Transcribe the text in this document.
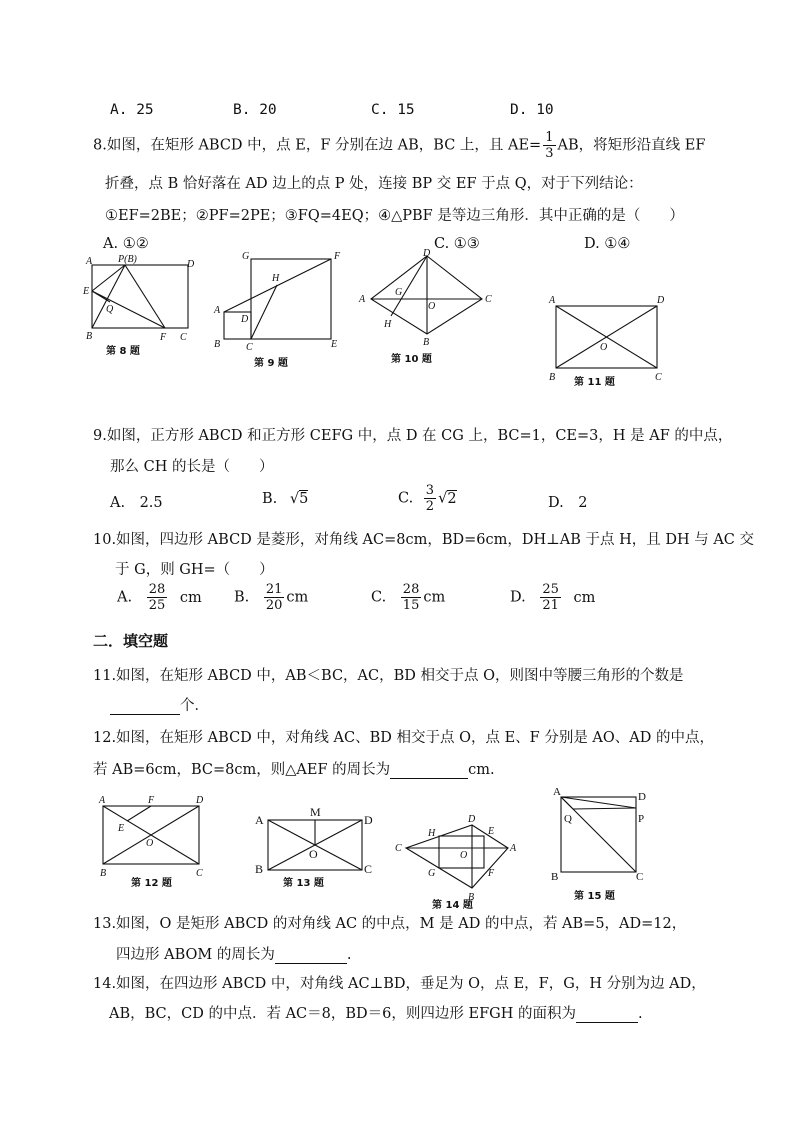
A. 25	B. 20	C. 15	D. 10
8.如图，在矩形 ABCD 中，点 E，F 分别在边 AB，BC 上，且 $AE= \frac{1}{3}$ AB，将矩形沿直线 EF
折叠，点 B 恰好落在 AD 边上的点 P 处，连接 BP 交 EF 于点 Q，对于下列结论：
①EF=2BE；②PF=2PE；③FQ=4EQ；④△PBF 是等边三角形．其中正确的是（　　）
A. ①②	C. ①③	D. ①④
A	P(B)	D
E
Q
B	F C
第 8 题
G	F
H
A
D
B	C	E
第 9 题
D
A
G
O
C
H
B
第 10 题
A	D
O
B	C
第 11 题
9.如图，正方形 ABCD 和正方形 CEFG 中，点 D 在 CG 上，BC=1，CE=3，H 是 AF 的中点，
那么 CH 的长是（　　）
A.　2.5	B. √5	C. $\frac{3}{2} √2$	D.　2
10.如图，四边形 ABCD 是菱形，对角线 AC=8cm，BD=6cm，DH⊥AB 于点 H，且 DH 与 AC 交
于 G，则 GH=（　　）
A. $\frac{28}{25}$ cm B. $\frac{21}{20}$ cm	C. $\frac{28}{15}$ cm	D. $\frac{25}{21}$ cm
二．填空题
11.如图，在矩形 ABCD 中，AB＜BC，AC，BD 相交于点 O，则图中等腰三角形的个数是
个．
12.如图，在矩形 ABCD 中，对角线 AC、BD 相交于点 O，点 E、F 分别是 AO、AD 的中点，
若 AB=6cm，BC=8cm，则△AEF 的周长为	cm.
A	F	D
E
O
B	C
第 12 题
A
M
D
O
B	C
第 13 题
D
H	E
C
O
A
G	F
B
第 14 题
A	D
Q	P
B	C
第 15 题
13.如图，O 是矩形 ABCD 的对角线 AC 的中点，M 是 AD 的中点，若 AB=5，AD=12，
四边形 ABOM 的周长为	.
14.如图，在四边形 ABCD 中，对角线 AC⊥BD，垂足为 O，点 E，F，G，H 分别为边 AD，
AB，BC，CD 的中点．若 AC＝8，BD＝6，则四边形 EFGH 的面积为	.
